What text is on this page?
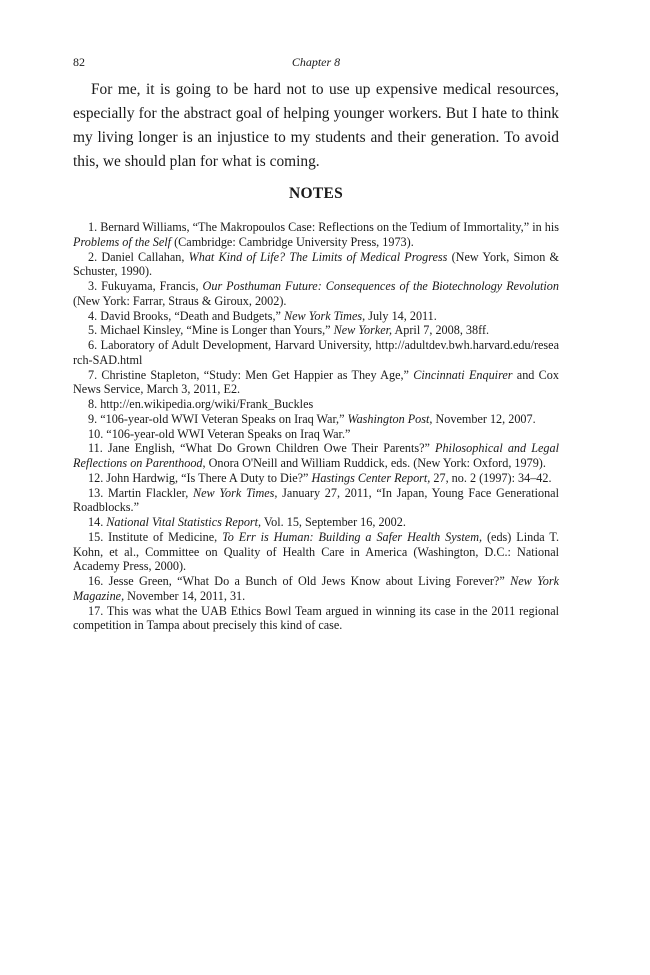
82	Chapter 8

For me, it is going to be hard not to use up expensive medical resources, especially for the abstract goal of helping younger workers. But I hate to think my living longer is an injustice to my students and their generation. To avoid this, we should plan for what is coming.

NOTES
1. Bernard Williams, “The Makropoulos Case: Reflections on the Tedium of Immortality,” in his Problems of the Self (Cambridge: Cambridge University Press, 1973).
2. Daniel Callahan, What Kind of Life? The Limits of Medical Progress (New York, Simon & Schuster, 1990).
3. Fukuyama, Francis, Our Posthuman Future: Consequences of the Biotechnology Revolution (New York: Farrar, Straus & Giroux, 2002).
4. David Brooks, “Death and Budgets,” New York Times, July 14, 2011.
5. Michael Kinsley, “Mine is Longer than Yours,” New Yorker, April 7, 2008, 38ff.
6. Laboratory of Adult Development, Harvard University, http://adultdev.bwh.harvard.edu/research-SAD.html
7. Christine Stapleton, “Study: Men Get Happier as They Age,” Cincinnati Enquirer and Cox News Service, March 3, 2011, E2.
8. http://en.wikipedia.org/wiki/Frank_Buckles
9. “106-year-old WWI Veteran Speaks on Iraq War,” Washington Post, November 12, 2007.
10. “106-year-old WWI Veteran Speaks on Iraq War.”
11. Jane English, “What Do Grown Children Owe Their Parents?” Philosophical and Legal Reflections on Parenthood, Onora O'Neill and William Ruddick, eds. (New York: Oxford, 1979).
12. John Hardwig, “Is There A Duty to Die?” Hastings Center Report, 27, no. 2 (1997): 34–42.
13. Martin Flackler, New York Times, January 27, 2011, “In Japan, Young Face Generational Roadblocks.”
14. National Vital Statistics Report, Vol. 15, September 16, 2002.
15. Institute of Medicine, To Err is Human: Building a Safer Health System, (eds) Linda T. Kohn, et al., Committee on Quality of Health Care in America (Washington, D.C.: National Academy Press, 2000).
16. Jesse Green, “What Do a Bunch of Old Jews Know about Living Forever?” New York Magazine, November 14, 2011, 31.
17. This was what the UAB Ethics Bowl Team argued in winning its case in the 2011 regional competition in Tampa about precisely this kind of case.
